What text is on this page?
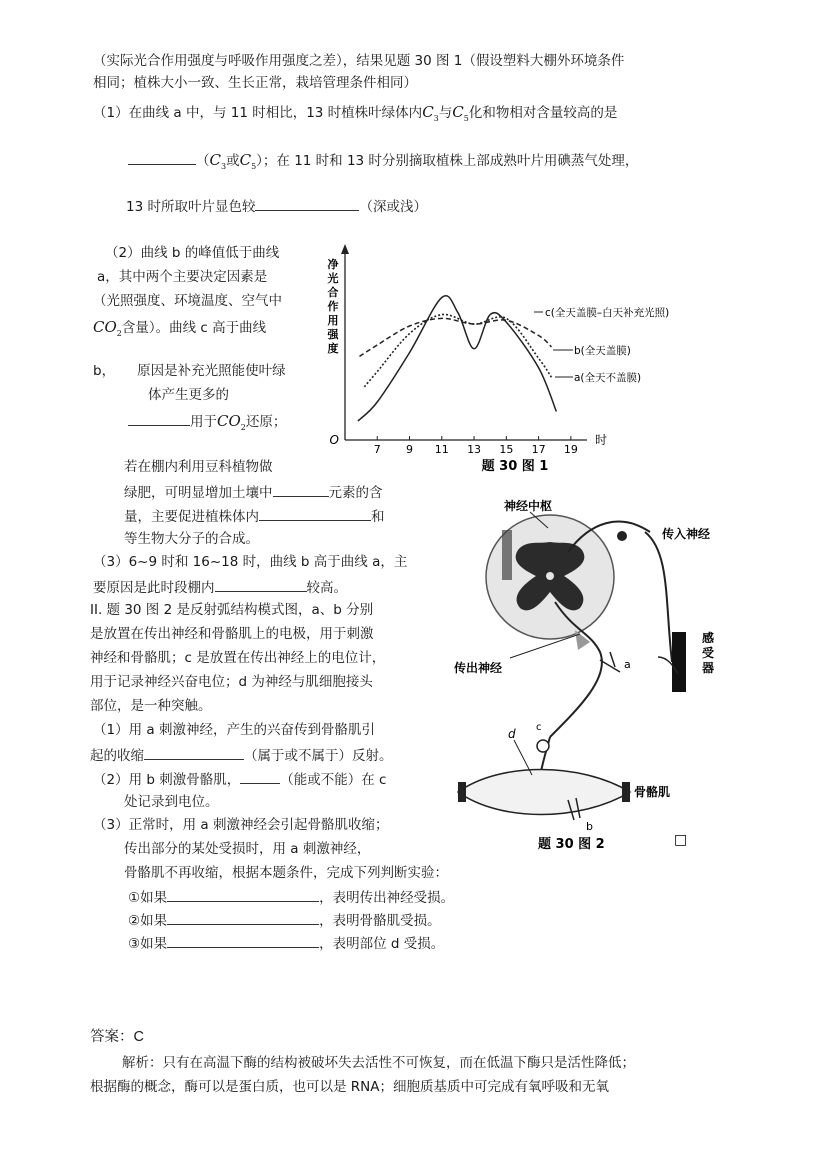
（实际光合作用强度与呼吸作用强度之差），结果见题 30 图 1（假设塑料大棚外环境条件
相同；植株大小一致、生长正常，栽培管理条件相同）
（1）在曲线 a 中，与 11 时相比，13 时植株叶绿体内$C_3$与$C_5$化和物相对含量较高的是
（$C_3$或$C_5$）；在 11 时和 13 时分别摘取植株上部成熟叶片用碘蒸气处理，
13 时所取叶片显色较	（深或浅）
（2）曲线 b 的峰值低于曲线
a，其中两个主要决定因素是
（光照强度、环境温度、空气中
$CO_2$含量）。曲线 c 高于曲线
b， 原因是补充光照能使叶绿
体产生更多的
用于$CO_2$还原；
若在棚内利用豆科植物做
绿肥，可明显增加土壤中	元素的含
量，主要促进植株体内	和
等生物大分子的合成。
（3）6~9 时和 16~18 时，曲线 b 高于曲线 a，主
要原因是此时段棚内	较高。
II. 题 30 图 2 是反射弧结构模式图，a、b 分别
是放置在传出神经和骨骼肌上的电极，用于刺激
神经和骨骼肌；c 是放置在传出神经上的电位计，
用于记录神经兴奋电位；d 为神经与肌细胞接头
部位，是一种突触。
（1）用 a 刺激神经，产生的兴奋传到骨骼肌引
起的收缩	（属于或不属于）反射。
（2）用 b 刺激骨骼肌，	（能或不能）在 c
处记录到电位。
（3）正常时，用 a 刺激神经会引起骨骼肌收缩；
传出部分的某处受损时，用 a 刺激神经，
骨骼肌不再收缩，根据本题条件，完成下列判断实验：
①如果	，表明传出神经受损。
②如果	，表明骨骼肌受损。
③如果	，表明部位 d 受损。
答案：C
解析：只有在高温下酶的结构被破坏失去活性不可恢复，而在低温下酶只是活性降低；
根据酶的概念，酶可以是蛋白质，也可以是 RNA；细胞质基质中可完成有氧呼吸和无氧
净
光
合
作
用
强
度
O
7 9 11 13 15 17 19
时
c(全天盖膜–白天补充光照)
b(全天盖膜)
a(全天不盖膜)
题 30 图 1
神经中枢
传入神经
传出神经
感
受
器
骨骼肌
a
c
d
b
题 30 图 2	□
